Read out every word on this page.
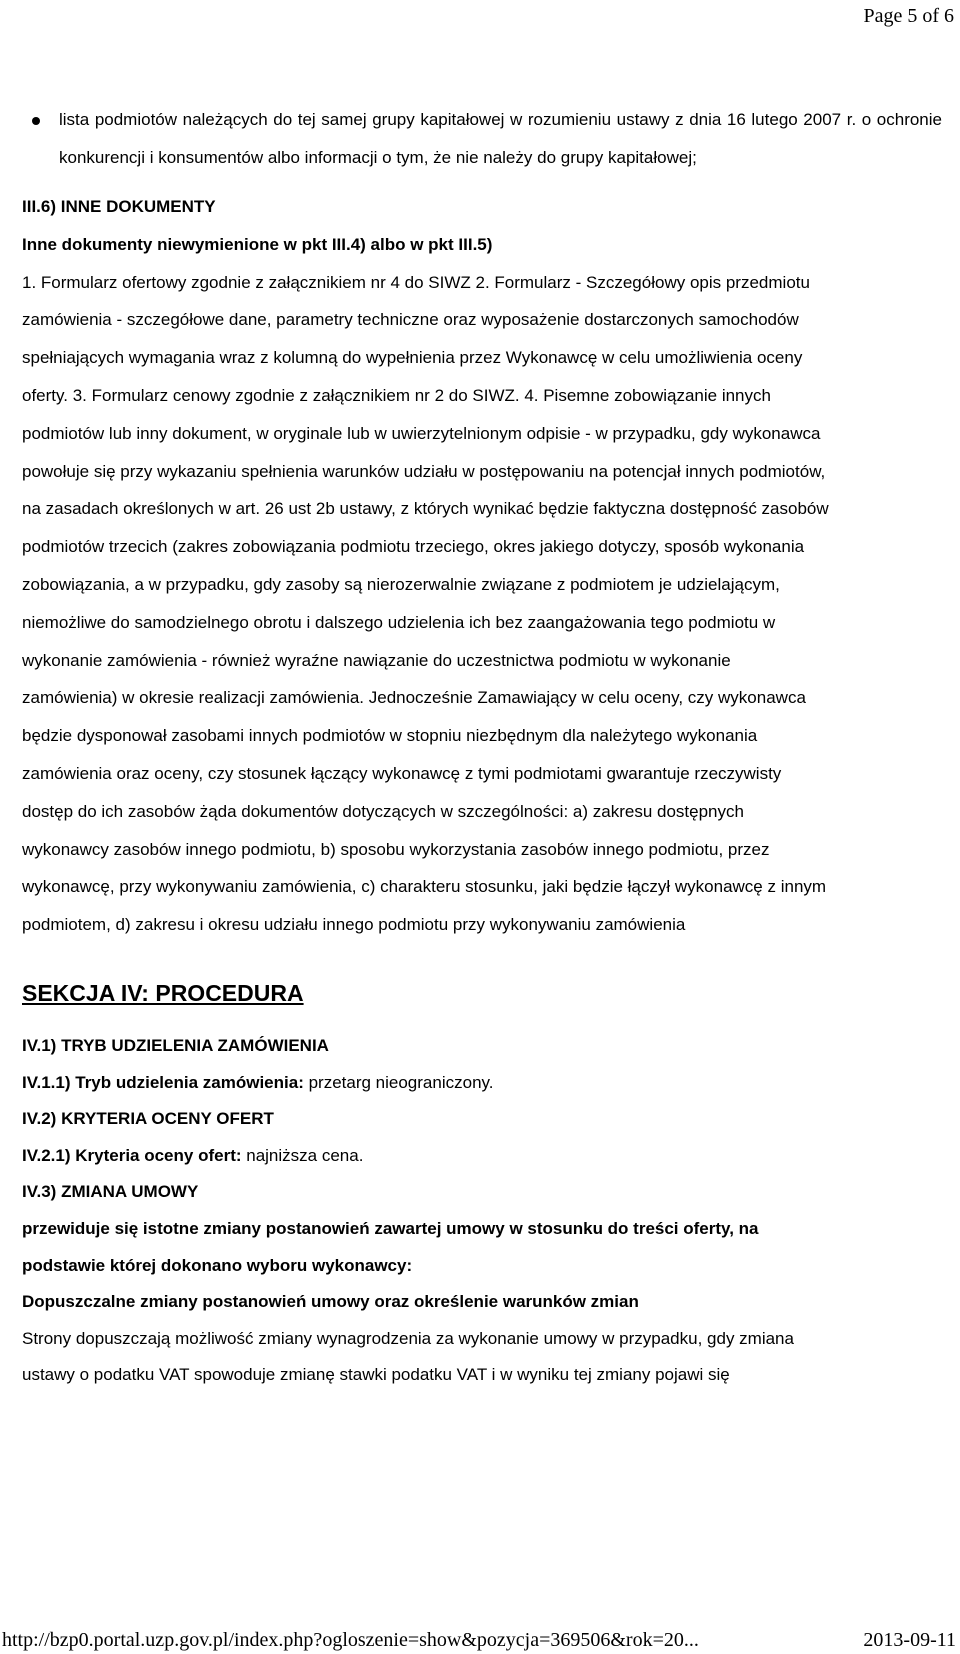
Page 5 of 6
lista podmiotów należących do tej samej grupy kapitałowej w rozumieniu ustawy z dnia 16 lutego 2007 r. o ochronie konkurencji i konsumentów albo informacji o tym, że nie należy do grupy kapitałowej;
III.6) INNE DOKUMENTY
Inne dokumenty niewymienione w pkt III.4) albo w pkt III.5)
1. Formularz ofertowy zgodnie z załącznikiem nr 4 do SIWZ 2. Formularz - Szczegółowy opis przedmiotu
zamówienia - szczegółowe dane, parametry techniczne oraz wyposażenie dostarczonych samochodów
spełniających wymagania wraz z kolumną do wypełnienia przez Wykonawcę w celu umożliwienia oceny
oferty. 3. Formularz cenowy zgodnie z załącznikiem nr 2 do SIWZ. 4. Pisemne zobowiązanie innych
podmiotów lub inny dokument, w oryginale lub w uwierzytelnionym odpisie - w przypadku, gdy wykonawca
powołuje się przy wykazaniu spełnienia warunków udziału w postępowaniu na potencjał innych podmiotów,
na zasadach określonych w art. 26 ust 2b ustawy, z których wynikać będzie faktyczna dostępność zasobów
podmiotów trzecich (zakres zobowiązania podmiotu trzeciego, okres jakiego dotyczy, sposób wykonania
zobowiązania, a w przypadku, gdy zasoby są nierozerwalnie związane z podmiotem je udzielającym,
niemożliwe do samodzielnego obrotu i dalszego udzielenia ich bez zaangażowania tego podmiotu w
wykonanie zamówienia - również wyraźne nawiązanie do uczestnictwa podmiotu w wykonanie
zamówienia) w okresie realizacji zamówienia. Jednocześnie Zamawiający w celu oceny, czy wykonawca
będzie dysponował zasobami innych podmiotów w stopniu niezbędnym dla należytego wykonania
zamówienia oraz oceny, czy stosunek łączący wykonawcę z tymi podmiotami gwarantuje rzeczywisty
dostęp do ich zasobów żąda dokumentów dotyczących w szczególności: a) zakresu dostępnych
wykonawcy zasobów innego podmiotu, b) sposobu wykorzystania zasobów innego podmiotu, przez
wykonawcę, przy wykonywaniu zamówienia, c) charakteru stosunku, jaki będzie łączył wykonawcę z innym
podmiotem, d) zakresu i okresu udziału innego podmiotu przy wykonywaniu zamówienia
SEKCJA IV: PROCEDURA
IV.1) TRYB UDZIELENIA ZAMÓWIENIA
IV.1.1) Tryb udzielenia zamówienia: przetarg nieograniczony.
IV.2) KRYTERIA OCENY OFERT
IV.2.1) Kryteria oceny ofert: najniższa cena.
IV.3) ZMIANA UMOWY
przewiduje się istotne zmiany postanowień zawartej umowy w stosunku do treści oferty, na
podstawie której dokonano wyboru wykonawcy:
Dopuszczalne zmiany postanowień umowy oraz określenie warunków zmian
Strony dopuszczają możliwość zmiany wynagrodzenia za wykonanie umowy w przypadku, gdy zmiana
ustawy o podatku VAT spowoduje zmianę stawki podatku VAT i w wyniku tej zmiany pojawi się
http://bzp0.portal.uzp.gov.pl/index.php?ogloszenie=show&pozycja=369506&rok=20...	2013-09-11
